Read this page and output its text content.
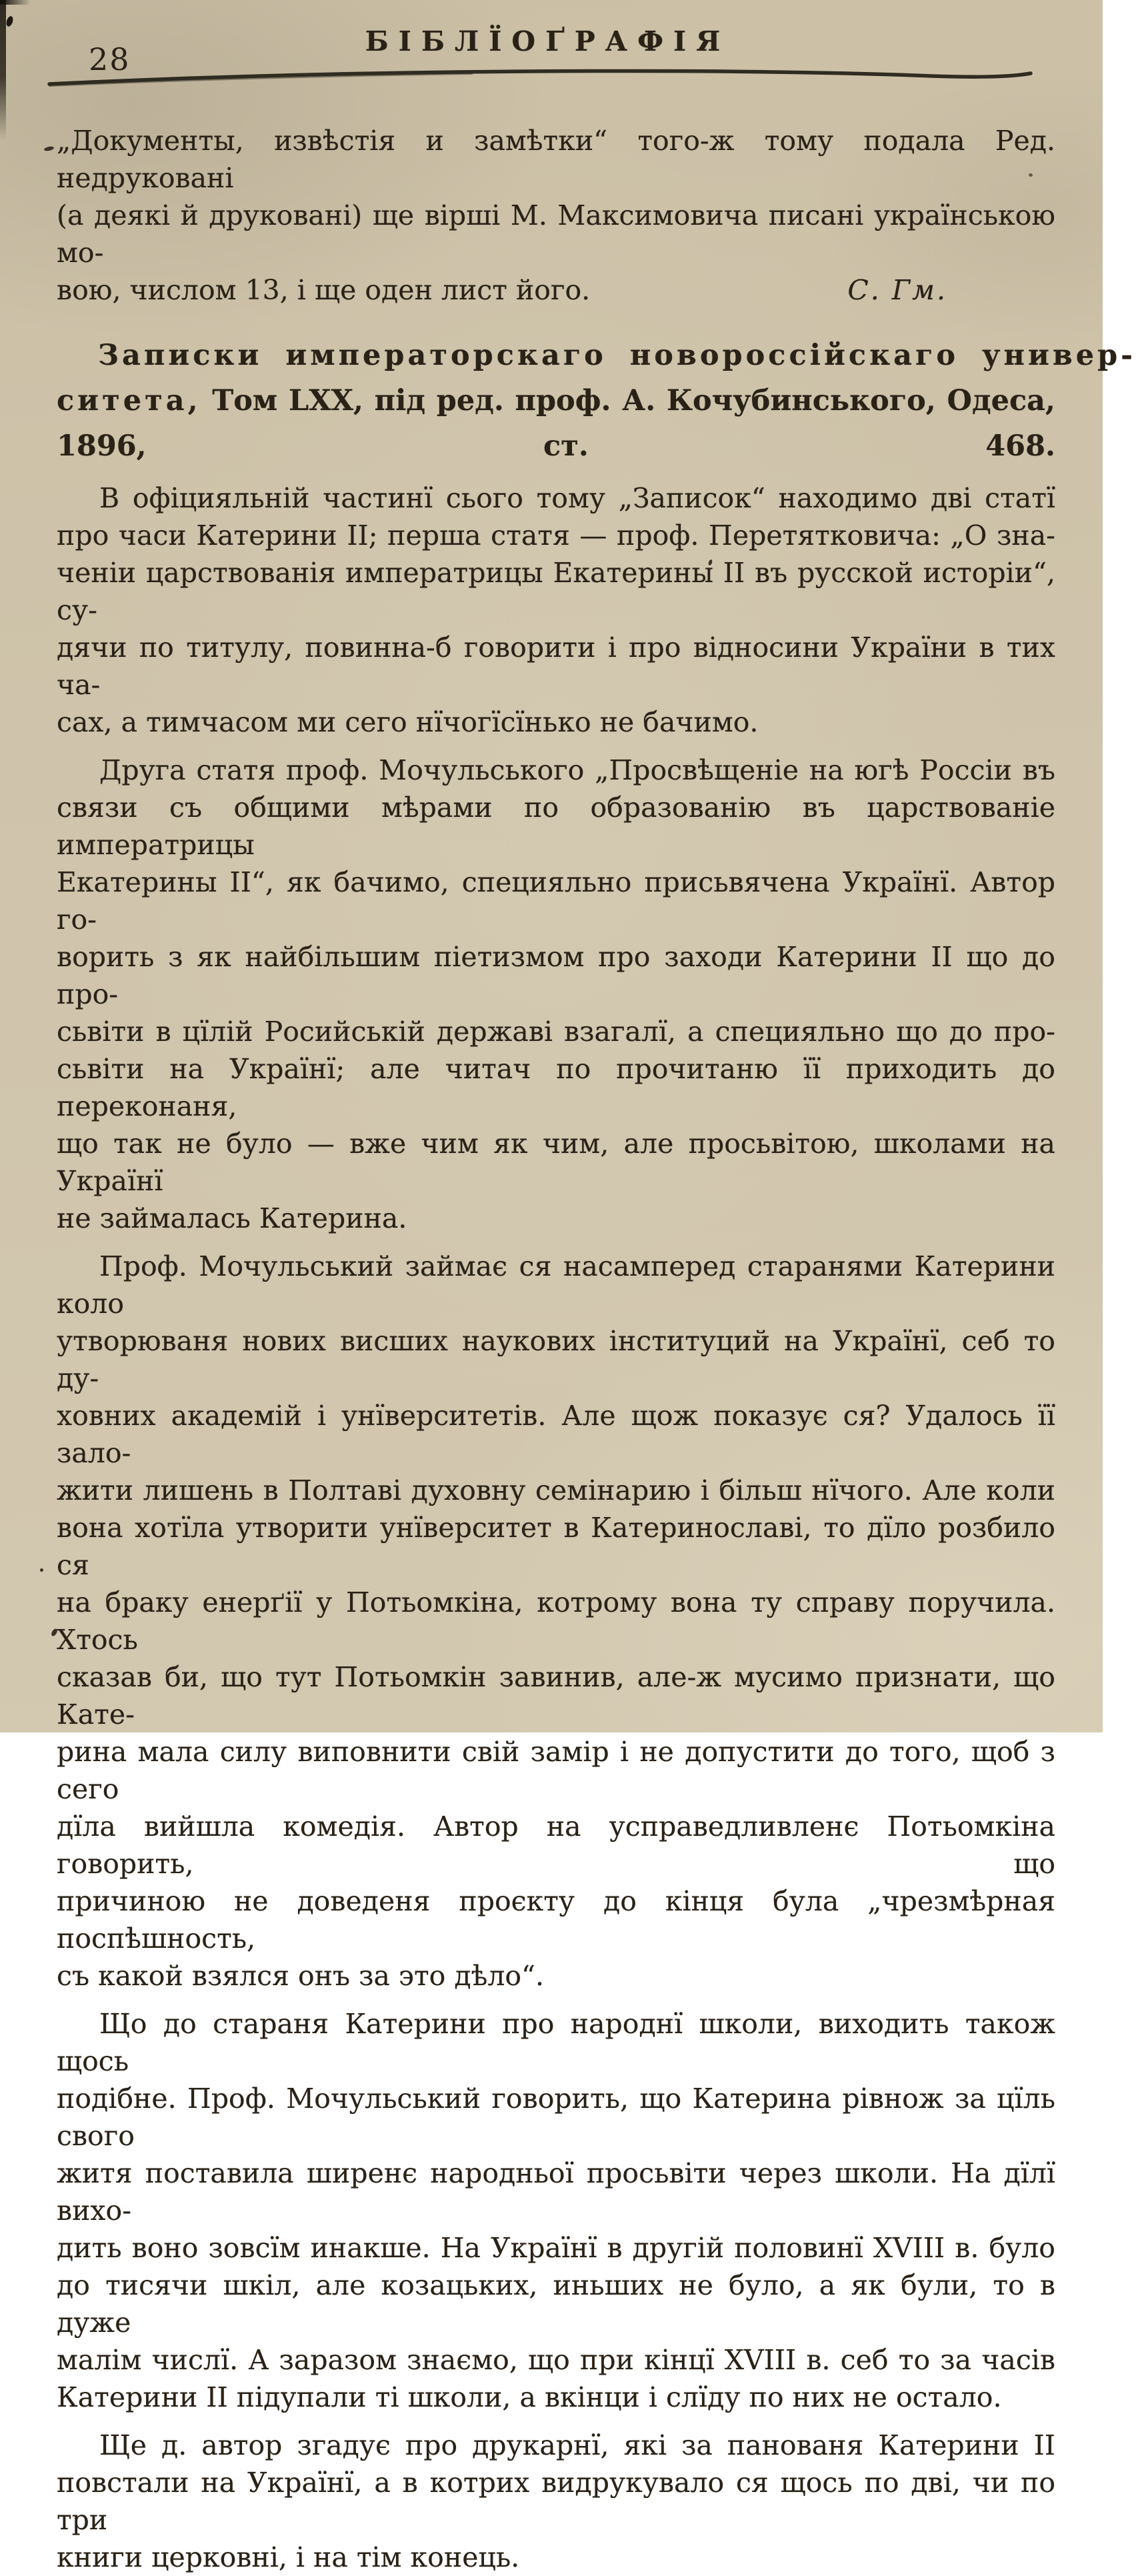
28	БІБЛЇОҐРАФІЯ
„Документы, извѣстія и замѣтки“ того-ж тому подала Ред. недруковані
(а деякі й друковані) ще вірші М. Максимовича писані українською мо-
вою, числом 13, і ще оден лист його.	С. Гм.
Записки императорскаго новороссійскаго универ-
ситета, Том LXX, під ред. проф. А. Кочубинського, Одеса, 1896, ст. 468.
В офіцияльній частинї сього тому „Записок“ находимо дві статї
про часи Катерини II; перша статя — проф. Перетятковича: „О зна-
ченіи царствованія императрицы Екатерины II въ русской исторіи“, су-
дячи по титулу, повинна-б говорити і про відносини України в тих ча-
сах, а тимчасом ми сего нїчогїсїнько не бачимо.
Друга статя проф. Мочульського „Просвѣщеніе на югѣ Россіи въ
связи съ общими мѣрами по образованію въ царствованіе императрицы
Екатерины II“, як бачимо, специяльно присьвячена Українї. Автор го-
ворить з як найбільшим піетизмом про заходи Катерини II що до про-
сьвіти в цїлій Росийській державі взагалї, а специяльно що до про-
сьвіти на Українї; але читач по прочитаню її приходить до переконаня,
що так не було — вже чим як чим, але просьвітою, школами на Українї
не займалась Катерина.
Проф. Мочульський займає ся насамперед старанями Катерини коло
утворюваня нових висших наукових інституций на Українї, себ то ду-
ховних академій і унїверситетів. Але щож показує ся? Удалось її зало-
жити лишень в Полтаві духовну семінарию і більш нїчого. Але коли
вона хотїла утворити унїверситет в Катеринославі, то дїло розбило ся
на браку енерґії у Потьомкіна, котрому вона ту справу поручила. Хтось
сказав би, що тут Потьомкін завинив, але-ж мусимо признати, що Кате-
рина мала силу виповнити свій замір і не допустити до того, щоб з сего
дїла вийшла комедія. Автор на усправедливленє Потьомкіна говорить, що
причиною не доведеня проєкту до кінця була „чрезмѣрная поспѣшность,
съ какой взялся онъ за это дѣло“.
Що до стараня Катерини про народнї школи, виходить також щось
подібне. Проф. Мочульський говорить, що Катерина рівнож за цїль свого
житя поставила ширенє народньої просьвіти через школи. На дїлї вихо-
дить воно зовсїм инакше. На Українї в другій половинї XVIII в. було
до тисячи шкіл, але козацьких, иньших не було, а як були, то в дуже
малім числї. А заразом знаємо, що при кінцї XVIII в. себ то за часів
Катерини II підупали ті школи, а вкінци і слїду по них не остало.
Ще д. автор згадує про друкарнї, які за панованя Катерини II
повстали на Українї, а в котрих видрукувало ся щось по дві, чи по три
книги церковні, і на тім конець.
